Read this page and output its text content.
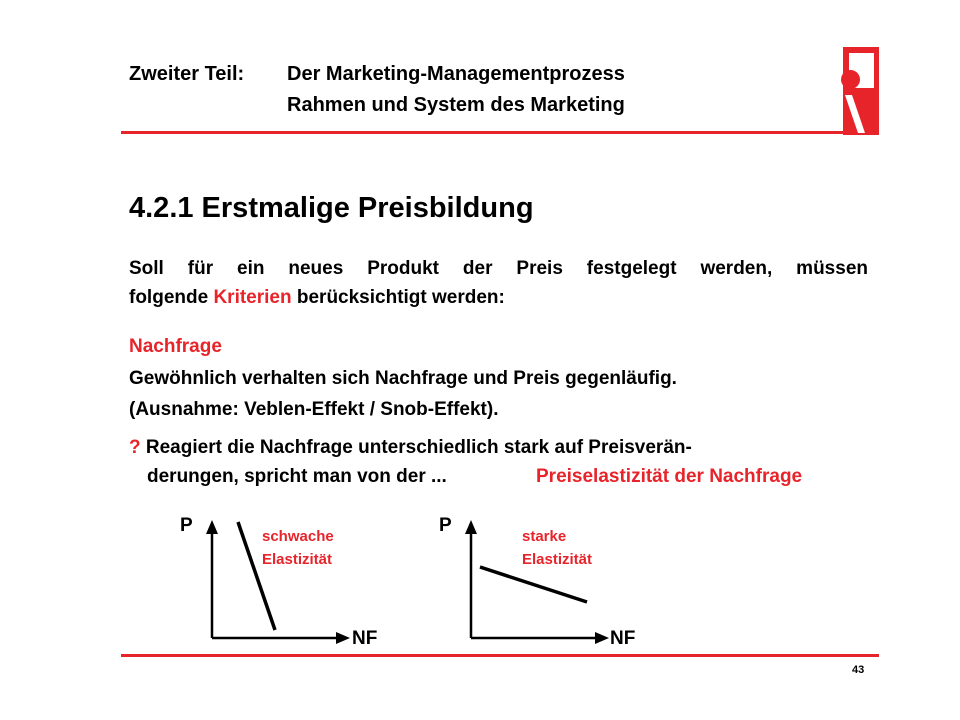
Zweiter Teil: Der Marketing-Managementprozess
Rahmen und System des Marketing
4.2.1 Erstmalige Preisbildung
Soll für ein neues Produkt der Preis festgelegt werden, müssen
folgende Kriterien berücksichtigt werden:
Nachfrage
Gewöhnlich verhalten sich Nachfrage und Preis gegenläufig.
(Ausnahme: Veblen-Effekt / Snob-Effekt).
? Reagiert die Nachfrage unterschiedlich stark auf Preisverän-
derungen, spricht man von der ...	Preiselastizität der Nachfrage
P
schwache
Elastizität
NF
P
starke
Elastizität
NF
43
